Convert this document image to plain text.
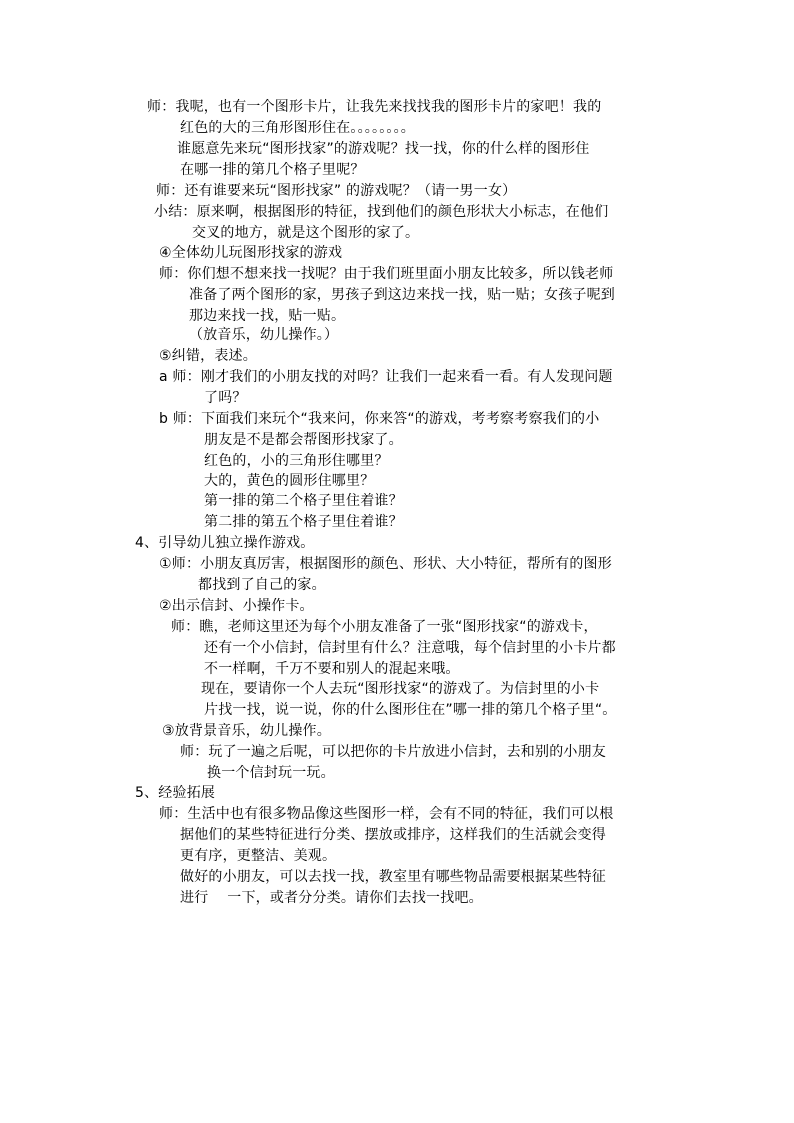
师：我呢，也有一个图形卡片，让我先来找找我的图形卡片的家吧！我的
红色的大的三角形图形住在。。。。。。。。
谁愿意先来玩“图形找家”的游戏呢？找一找，你的什么样的图形住
在哪一排的第几个格子里呢？
师：还有谁要来玩“图形找家” 的游戏呢？（请一男一女）
小结：原来啊，根据图形的特征，找到他们的颜色形状大小标志，在他们
交叉的地方，就是这个图形的家了。
④全体幼儿玩图形找家的游戏
师：你们想不想来找一找呢？由于我们班里面小朋友比较多，所以钱老师
准备了两个图形的家，男孩子到这边来找一找，贴一贴；女孩子呢到
那边来找一找，贴一贴。
（放音乐，幼儿操作。）
⑤纠错，表述。
a 师：刚才我们的小朋友找的对吗？让我们一起来看一看。有人发现问题
了吗？
b 师：下面我们来玩个“我来问，你来答“的游戏，考考察考察我们的小
朋友是不是都会帮图形找家了。
红色的，小的三角形住哪里？
大的，黄色的圆形住哪里？
第一排的第二个格子里住着谁？
第二排的第五个格子里住着谁？
4、引导幼儿独立操作游戏。
①师：小朋友真厉害，根据图形的颜色、形状、大小特征，帮所有的图形
都找到了自己的家。
②出示信封、小操作卡。
师：瞧，老师这里还为每个小朋友准备了一张“图形找家“的游戏卡，
还有一个小信封，信封里有什么？注意哦，每个信封里的小卡片都
不一样啊，千万不要和别人的混起来哦。
现在，要请你一个人去玩“图形找家“的游戏了。为信封里的小卡
片找一找，说一说，你的什么图形住在”哪一排的第几个格子里“。
③放背景音乐，幼儿操作。
师：玩了一遍之后呢，可以把你的卡片放进小信封，去和别的小朋友
换一个信封玩一玩。
5、经验拓展
师：生活中也有很多物品像这些图形一样，会有不同的特征，我们可以根
据他们的某些特征进行分类、摆放或排序，这样我们的生活就会变得
更有序，更整洁、美观。
做好的小朋友，可以去找一找，教室里有哪些物品需要根据某些特征
进行　 一下，或者分分类。请你们去找一找吧。
